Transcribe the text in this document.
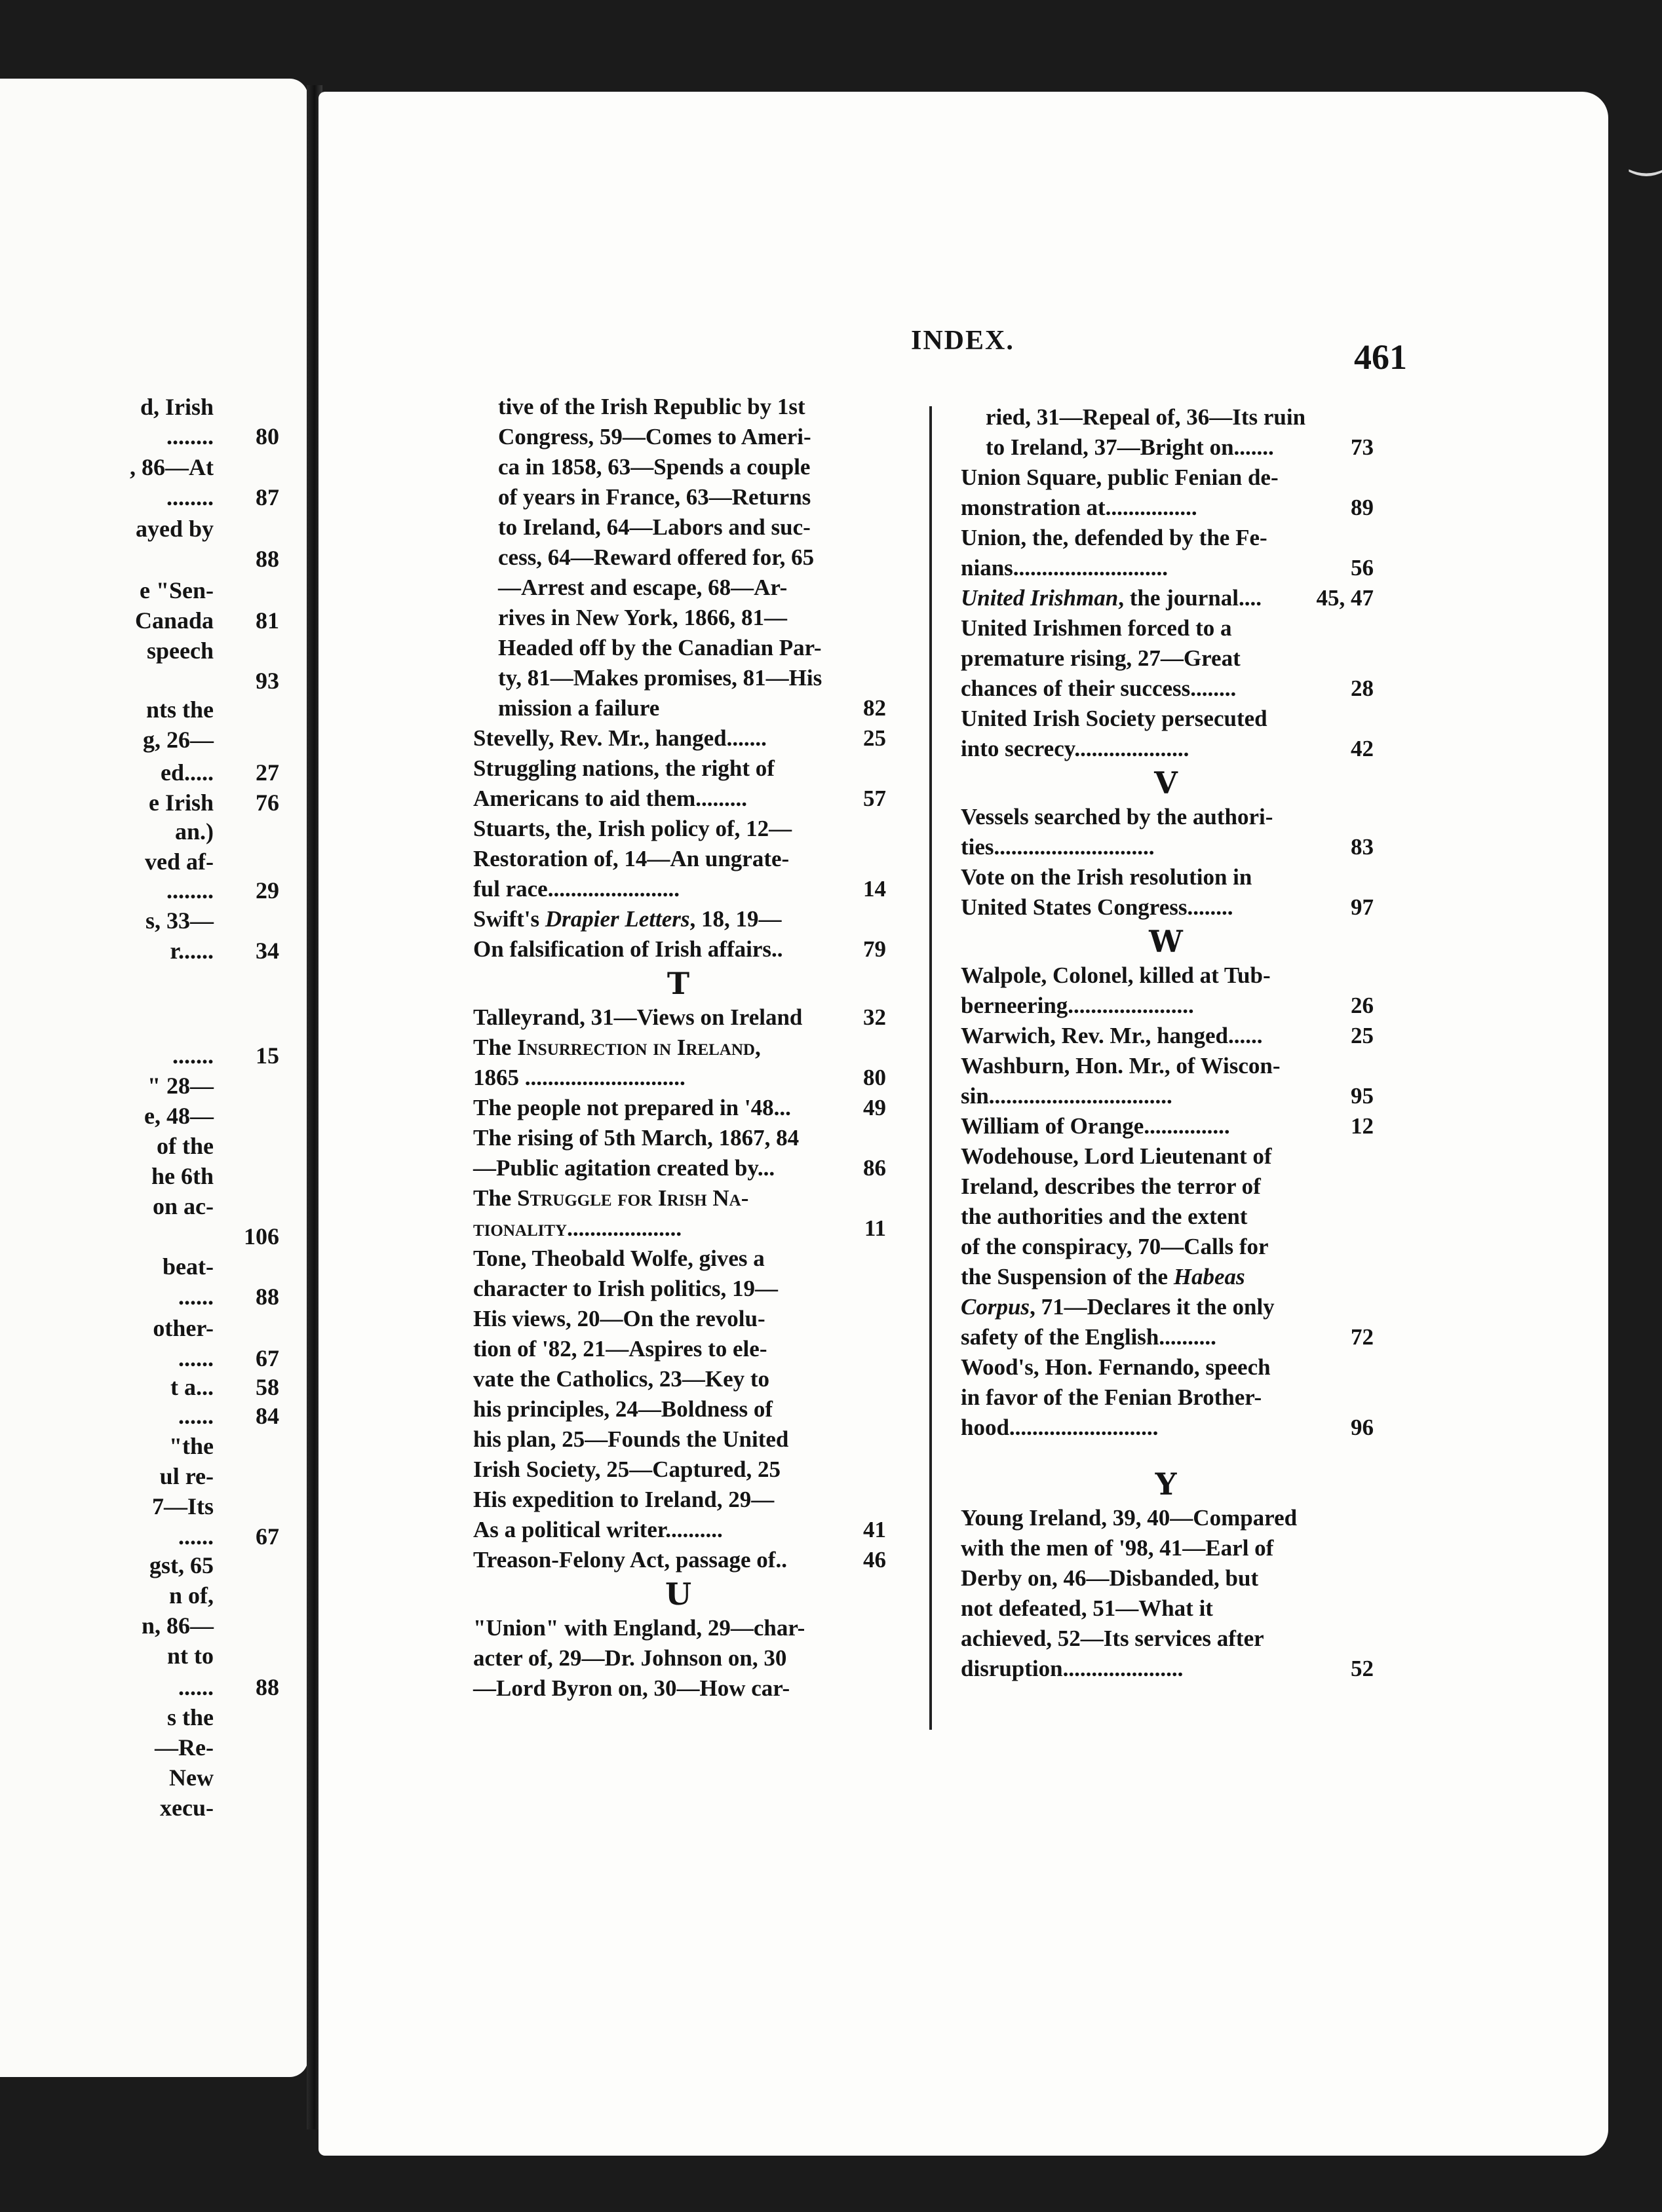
d, Irish
........	80
, 86—At
........	87
ayed by
88
e "Sen-
Canada	81
speech
93
nts the
g, 26—
ed.....	27
e Irish	76
an.)
ved af-
........	29
s, 33—
r......	34
.......	15
" 28—
e, 48—
of the
he 6th
on ac-
106
beat-
......	88
other-
......	67
t a...	58
......	84
"the
ul re-
7—Its
......	67
gst, 65
n of,
n, 86—
nt to
......	88
s the
—Re-
New
xecu-
‿
INDEX.	461
tive of the Irish Republic by 1st
Congress, 59—Comes to Ameri-
ca in 1858, 63—Spends a couple
of years in France, 63—Returns
to Ireland, 64—Labors and suc-
cess, 64—Reward offered for, 65
—Arrest and escape, 68—Ar-
rives in New York, 1866, 81—
Headed off by the Canadian Par-
ty, 81—Makes promises, 81—His
mission a failure	82
Stevelly, Rev. Mr., hanged.......	25
Struggling nations, the right of
Americans to aid them.........	57
Stuarts, the, Irish policy of, 12—
Restoration of, 14—An ungrate-
ful race.......................	14
Swift's Drapier Letters, 18, 19—
On falsification of Irish affairs..	79
T
Talleyrand, 31—Views on Ireland	32
The Insurrection in Ireland,
1865 ............................	80
The people not prepared in '48...	49
The rising of 5th March, 1867, 84
—Public agitation created by...	86
The Struggle for Irish Na-
tionality....................	11
Tone, Theobald Wolfe, gives a
character to Irish politics, 19—
His views, 20—On the revolu-
tion of '82, 21—Aspires to ele-
vate the Catholics, 23—Key to
his principles, 24—Boldness of
his plan, 25—Founds the United
Irish Society, 25—Captured, 25
His expedition to Ireland, 29—
As a political writer..........	41
Treason-Felony Act, passage of..	46
U
"Union" with England, 29—char-
acter of, 29—Dr. Johnson on, 30
—Lord Byron on, 30—How car-
ried, 31—Repeal of, 36—Its ruin
to Ireland, 37—Bright on.......	73
Union Square, public Fenian de-
monstration at................	89
Union, the, defended by the Fe-
nians...........................	56
United Irishman, the journal....	45, 47
United Irishmen forced to a
premature rising, 27—Great
chances of their success........	28
United Irish Society persecuted
into secrecy....................	42
V
Vessels searched by the authori-
ties............................	83
Vote on the Irish resolution in
United States Congress........	97
W
Walpole, Colonel, killed at Tub-
berneering......................	26
Warwich, Rev. Mr., hanged......	25
Washburn, Hon. Mr., of Wiscon-
sin................................	95
William of Orange...............	12
Wodehouse, Lord Lieutenant of
Ireland, describes the terror of
the authorities and the extent
of the conspiracy, 70—Calls for
the Suspension of the Habeas
Corpus, 71—Declares it the only
safety of the English..........	72
Wood's, Hon. Fernando, speech
in favor of the Fenian Brother-
hood..........................	96
Y
Young Ireland, 39, 40—Compared
with the men of '98, 41—Earl of
Derby on, 46—Disbanded, but
not defeated, 51—What it
achieved, 52—Its services after
disruption.....................	52
